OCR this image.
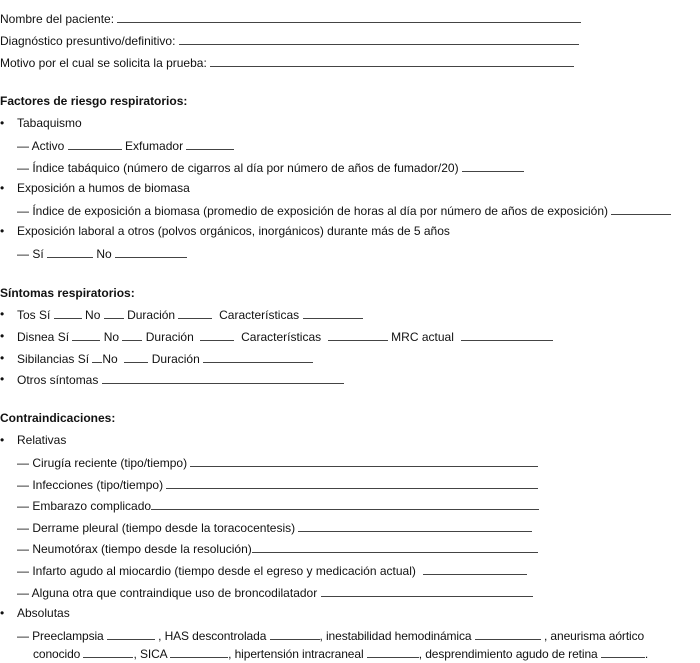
Nombre del paciente:
Diagnóstico presuntivo/definitivo:
Motivo por el cual se solicita la prueba:
Factores de riesgo respiratorios:
• Tabaquismo
— Activo	Exfumador
— Índice tabáquico (número de cigarros al día por número de años de fumador/20)
• Exposición a humos de biomasa
— Índice de exposición a biomasa (promedio de exposición de horas al día por número de años de exposición)
• Exposición laboral a otros (polvos orgánicos, inorgánicos) durante más de 5 años
— Sí	No
Síntomas respiratorios:
• Tos Sí	No Duración	Características
• Disnea Sí	No Duración	Características	MRC actual
• Sibilancias Sí No	Duración
• Otros síntomas
Contraindicaciones:
• Relativas
— Cirugía reciente (tipo/tiempo)
— Infecciones (tipo/tiempo)
— Embarazo complicado
— Derrame pleural (tiempo desde la toracocentesis)
— Neumotórax (tiempo desde la resolución)
— Infarto agudo al miocardio (tiempo desde el egreso y medicación actual)
— Alguna otra que contraindique uso de broncodilatador
• Absolutas
— Preeclampsia	, HAS descontrolada	, inestabilidad hemodinámica	, aneurisma aórtico
conocido	, SICA	, hipertensión intracraneal	, desprendimiento agudo de retina	.
